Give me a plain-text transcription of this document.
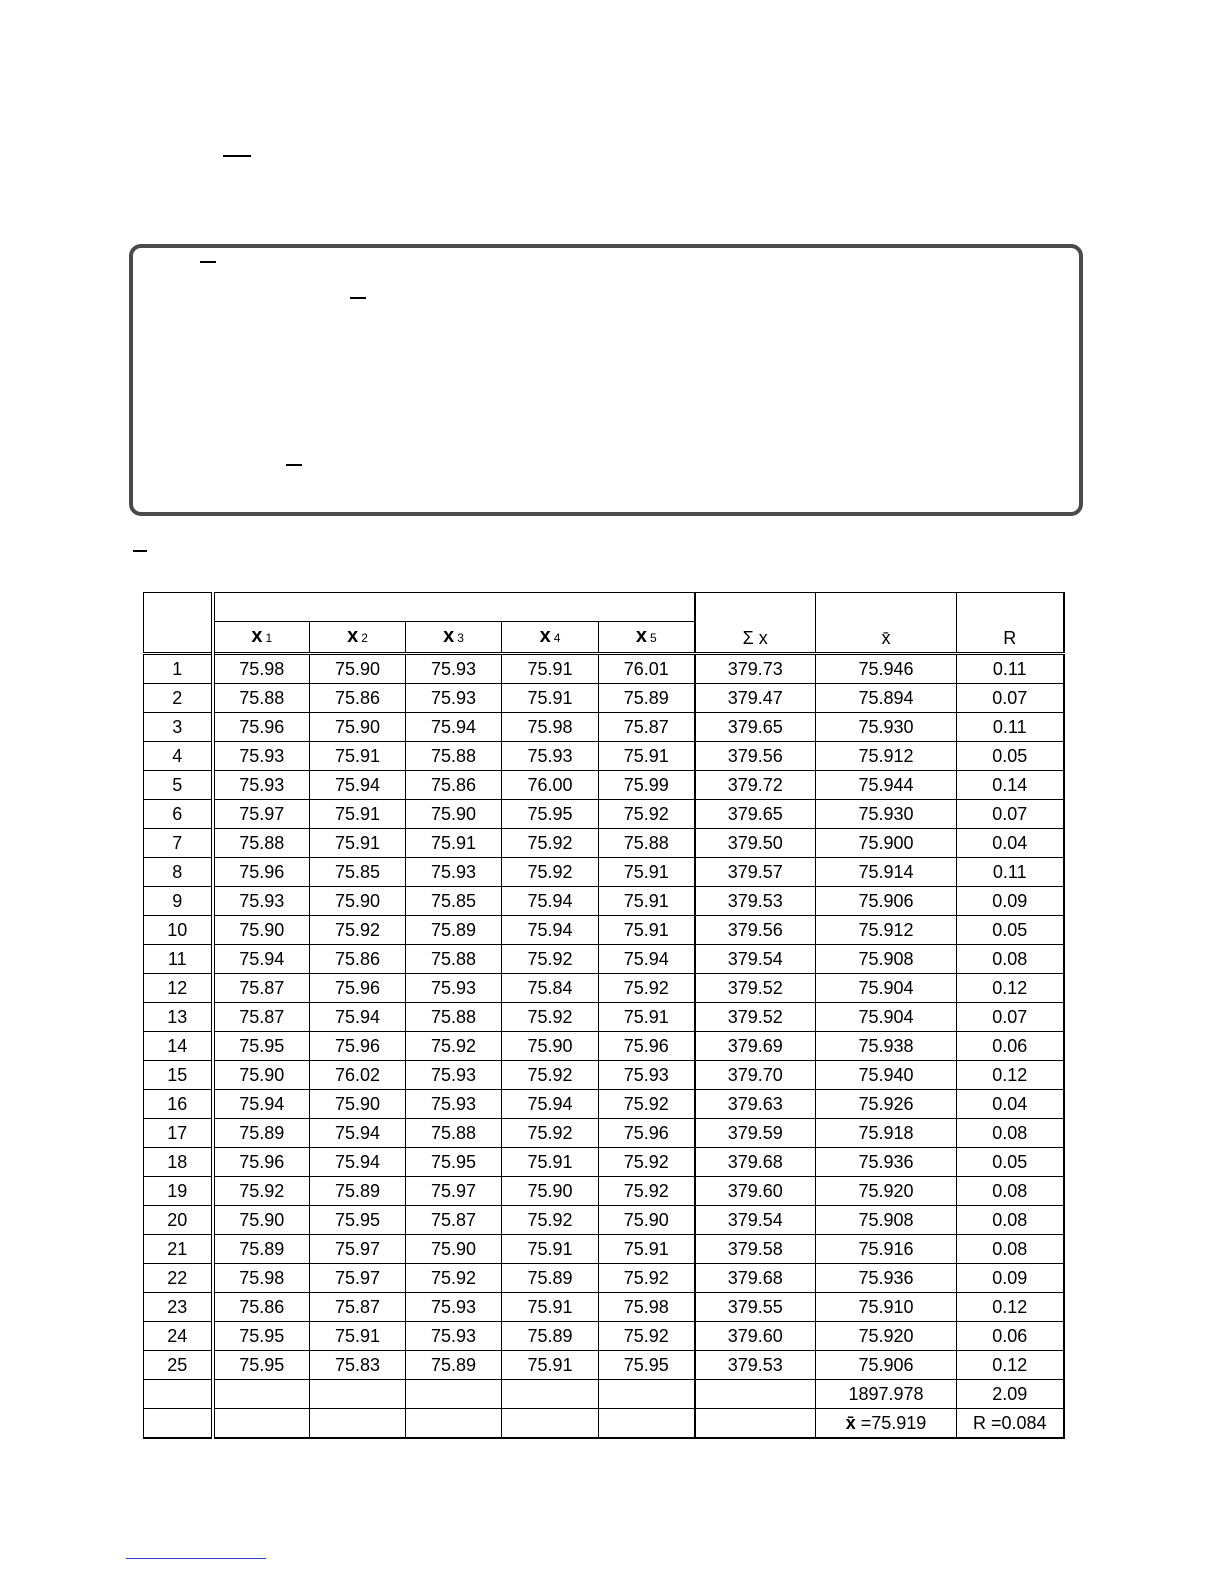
						Σ x	x̄	R
	x 1	x 2	x 3	x 4	x 5			
1	75.98	75.90	75.93	75.91	76.01	379.73	75.946	0.11
2	75.88	75.86	75.93	75.91	75.89	379.47	75.894	0.07
3	75.96	75.90	75.94	75.98	75.87	379.65	75.930	0.11
4	75.93	75.91	75.88	75.93	75.91	379.56	75.912	0.05
5	75.93	75.94	75.86	76.00	75.99	379.72	75.944	0.14
6	75.97	75.91	75.90	75.95	75.92	379.65	75.930	0.07
7	75.88	75.91	75.91	75.92	75.88	379.50	75.900	0.04
8	75.96	75.85	75.93	75.92	75.91	379.57	75.914	0.11
9	75.93	75.90	75.85	75.94	75.91	379.53	75.906	0.09
10	75.90	75.92	75.89	75.94	75.91	379.56	75.912	0.05
11	75.94	75.86	75.88	75.92	75.94	379.54	75.908	0.08
12	75.87	75.96	75.93	75.84	75.92	379.52	75.904	0.12
13	75.87	75.94	75.88	75.92	75.91	379.52	75.904	0.07
14	75.95	75.96	75.92	75.90	75.96	379.69	75.938	0.06
15	75.90	76.02	75.93	75.92	75.93	379.70	75.940	0.12
16	75.94	75.90	75.93	75.94	75.92	379.63	75.926	0.04
17	75.89	75.94	75.88	75.92	75.96	379.59	75.918	0.08
18	75.96	75.94	75.95	75.91	75.92	379.68	75.936	0.05
19	75.92	75.89	75.97	75.90	75.92	379.60	75.920	0.08
20	75.90	75.95	75.87	75.92	75.90	379.54	75.908	0.08
21	75.89	75.97	75.90	75.91	75.91	379.58	75.916	0.08
22	75.98	75.97	75.92	75.89	75.92	379.68	75.936	0.09
23	75.86	75.87	75.93	75.91	75.98	379.55	75.910	0.12
24	75.95	75.91	75.93	75.89	75.92	379.60	75.920	0.06
25	75.95	75.83	75.89	75.91	75.95	379.53	75.906	0.12
							1897.978	2.09
							x̄ =75.919	R =0.084
